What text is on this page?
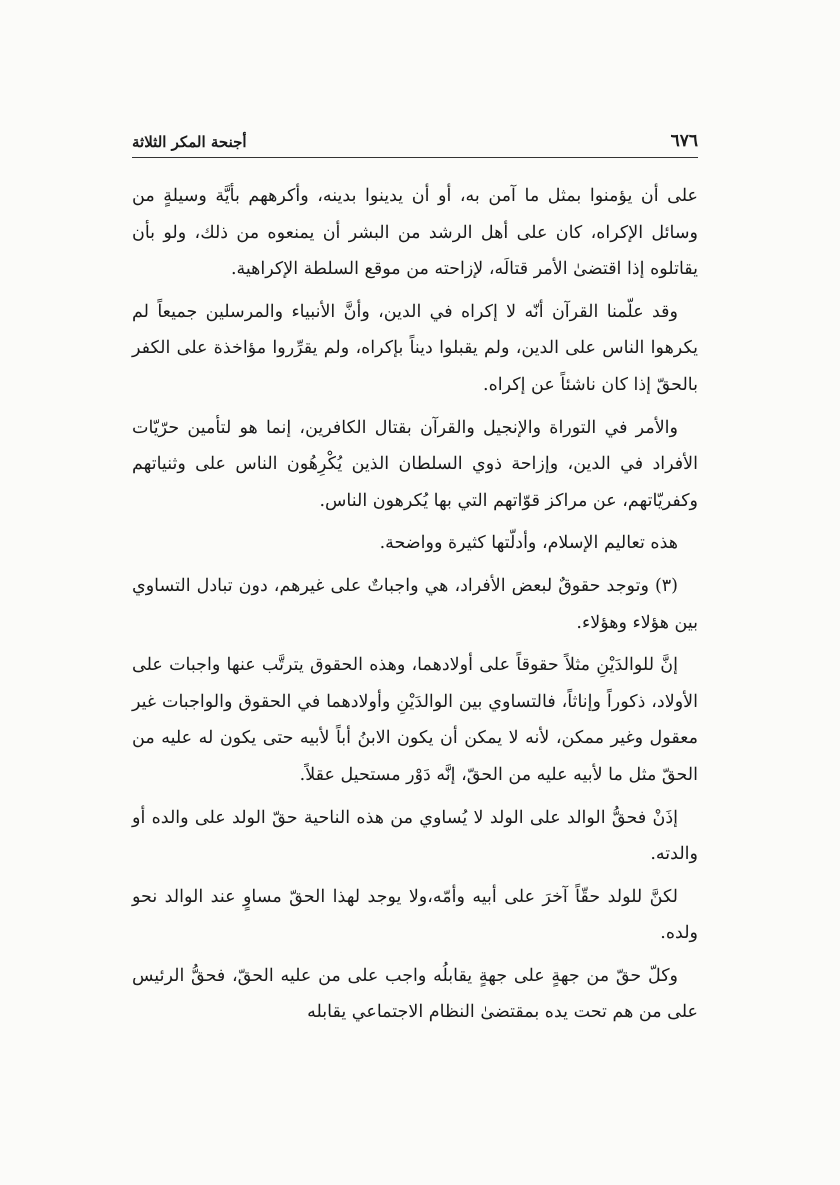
٦٧٦
أجنحة المكر الثلاثة

على أن يؤمنوا بمثل ما آمن به، أو أن يدينوا بدينه، وأكرههم بأيَّة وسيلةٍ من وسائل الإكراه، كان على أهل الرشد من البشر أن يمنعوه من ذلك، ولو بأن يقاتلوه إذا اقتضىٰ الأمر قتالَه، لإزاحته من موقع السلطة الإكراهية.

وقد علّمنا القرآن أنّه لا إكراه في الدين، وأنَّ الأنبياء والمرسلين جميعاً لم يكرهوا الناس على الدين، ولم يقبلوا ديناً بإكراه، ولم يقرِّروا مؤاخذة على الكفر بالحقّ إذا كان ناشئاً عن إكراه.

والأمر في التوراة والإنجيل والقرآن بقتال الكافرين، إنما هو لتأمين حرّيّات الأفراد في الدين، وإزاحة ذوي السلطان الذين يُكْرِهُون الناس على وثنياتهم وكفريّاتهم، عن مراكز قوّاتهم التي بها يُكرهون الناس.

هذه تعاليم الإسلام، وأدلّتها كثيرة وواضحة.

(٣) وتوجد حقوقٌ لبعض الأفراد، هي واجباتٌ على غيرهم، دون تبادل التساوي بين هؤلاء وهؤلاء.

إنَّ للوالدَيْنِ مثلاً حقوقاً على أولادهما، وهذه الحقوق يترتَّب عنها واجبات على الأولاد، ذكوراً وإناثاً، فالتساوي بين الوالدَيْنِ وأولادهما في الحقوق والواجبات غير معقول وغير ممكن، لأنه لا يمكن أن يكون الابنُ أباً لأبيه حتى يكون له عليه من الحقّ مثل ما لأبيه عليه من الحقّ، إنَّه دَوْر مستحيل عقلاً.

إذَنْ فحقُّ الوالد على الولد لا يُساوي من هذه الناحية حقّ الولد على والده أو والدته.

لكنَّ للولد حقّاً آخرَ على أبيه وأمّه،ولا يوجد لهذا الحقّ مساوٍ عند الوالد نحو ولده.

وكلّ حقّ من جهةٍ على جهةٍ يقابلُه واجب على من عليه الحقّ، فحقُّ الرئيس على من هم تحت يده بمقتضىٰ النظام الاجتماعي يقابله
